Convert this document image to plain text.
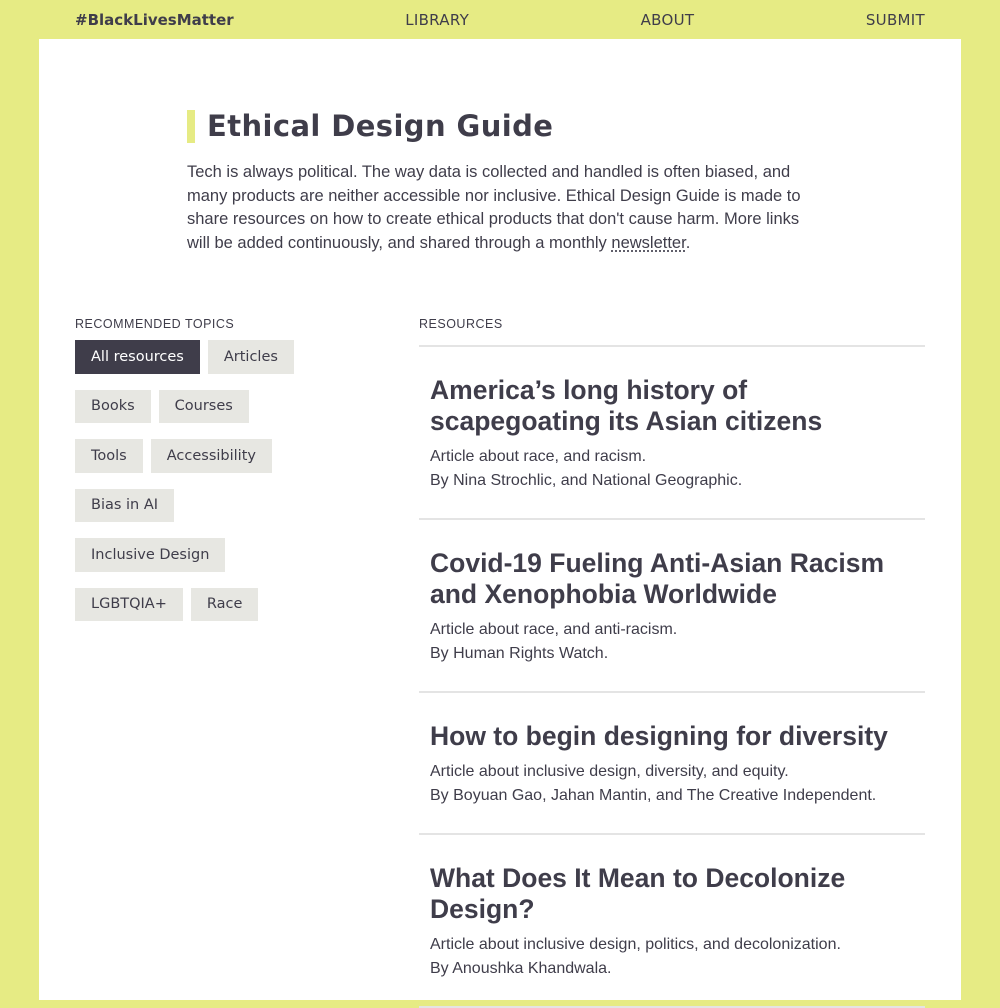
#BlackLivesMatter	LIBRARY	ABOUT	SUBMIT
Ethical Design Guide

Tech is always political. The way data is collected and handled is often biased, and many products are neither accessible nor inclusive. Ethical Design Guide is made to share resources on how to create ethical products that don't cause harm. More links will be added continuously, and shared through a monthly newsletter.

RECOMMENDED TOPICS
All resources	Articles
Books	Courses
Tools	Accessibility
Bias in AI
Inclusive Design
LGBTQIA+	Race
RESOURCES
America’s long history of scapegoating its Asian citizens

Article about race, and racism.

By Nina Strochlic, and National Geographic.

Covid-19 Fueling Anti-Asian Racism and Xenophobia Worldwide

Article about race, and anti-racism.

By Human Rights Watch.

How to begin designing for diversity

Article about inclusive design, diversity, and equity.

By Boyuan Gao, Jahan Mantin, and The Creative Independent.

What Does It Mean to Decolonize Design?

Article about inclusive design, politics, and decolonization.

By Anoushka Khandwala.
